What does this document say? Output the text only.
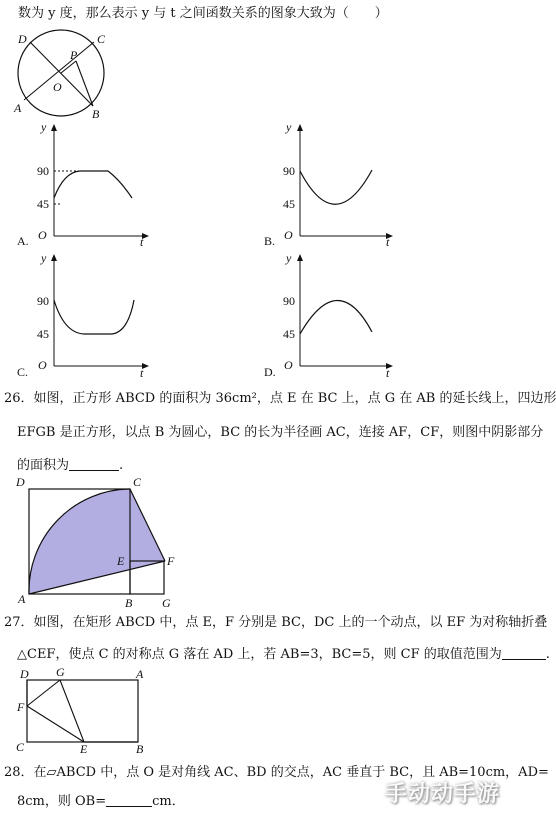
数为 y 度，那么表示 y 与 t 之间函数关系的图象大致为（　　）
D	C
P
O
A	B
y
t
O
90
45
y
t
O
90
45
y
t
O
90
45
y
t
O
90
45
D	C
E	F
A	B G
D G	A
F
C	E	B
A.	B.
C.	D.
26．如图，正方形 ABCD 的面积为 36cm²，点 E 在 BC 上，点 G 在 AB 的延长线上，四边形
EFGB 是正方形，以点 B 为圆心，BC 的长为半径画 AC，连接 AF，CF，则图中阴影部分
的面积为	.
27．如图，在矩形 ABCD 中，点 E，F 分别是 BC，DC 上的一个动点，以 EF 为对称轴折叠
△CEF，使点 C 的对称点 G 落在 AD 上，若 AB=3，BC=5，则 CF 的取值范围为	.
28．在▱ABCD 中，点 O 是对角线 AC、BD 的交点，AC 垂直于 BC，且 AB=10cm，AD=
8cm，则 OB=	cm．	手动动手游
